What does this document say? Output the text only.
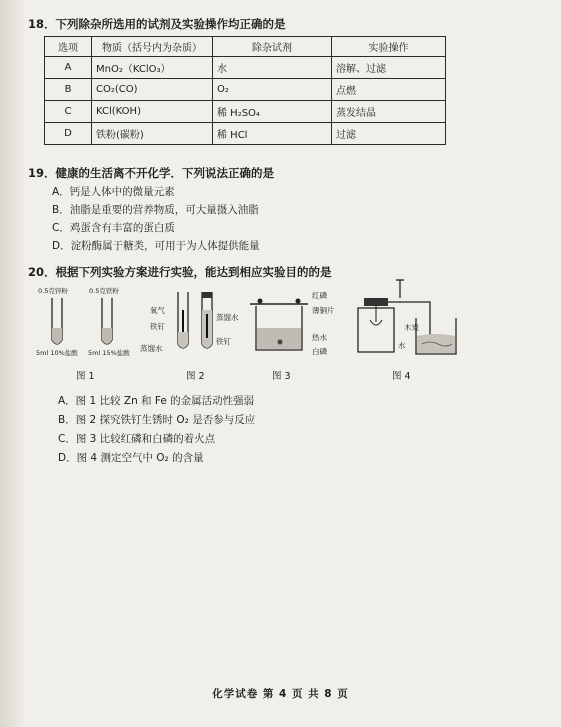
18．下列除杂所选用的试剂及实验操作均正确的是
选项	物质（括号内为杂质）	除杂试剂	实验操作
A	MnO₂（KClO₃）	水	溶解、过滤
B	CO₂(CO)	O₂	点燃
C	KCl(KOH)	稀 H₂SO₄	蒸发结晶
D	铁粉(碳粉)	稀 HCl	过滤
19．健康的生活离不开化学．下列说法正确的是
A．钙是人体中的微量元素
B．油脂是重要的营养物质，可大量摄入油脂
C．鸡蛋含有丰富的蛋白质
D．淀粉酶属于糖类，可用于为人体提供能量
20．根据下列实验方案进行实验，能达到相应实验目的的是
0.5克锌粉	0.5克铁粉
5ml 10%盐酸 5ml 15%盐酸
图 1
氧气
铁钉
蒸馏水
蒸馏水
铁钉
图 2
红磷
薄铜片
热水
白磷
图 3
木炭
水
图 4
A．图 1 比较 Zn 和 Fe 的金属活动性强弱
B．图 2 探究铁钉生锈时 O₂ 是否参与反应
C．图 3 比较红磷和白磷的着火点
D．图 4 测定空气中 O₂ 的含量
化学试卷 第 4 页 共 8 页
